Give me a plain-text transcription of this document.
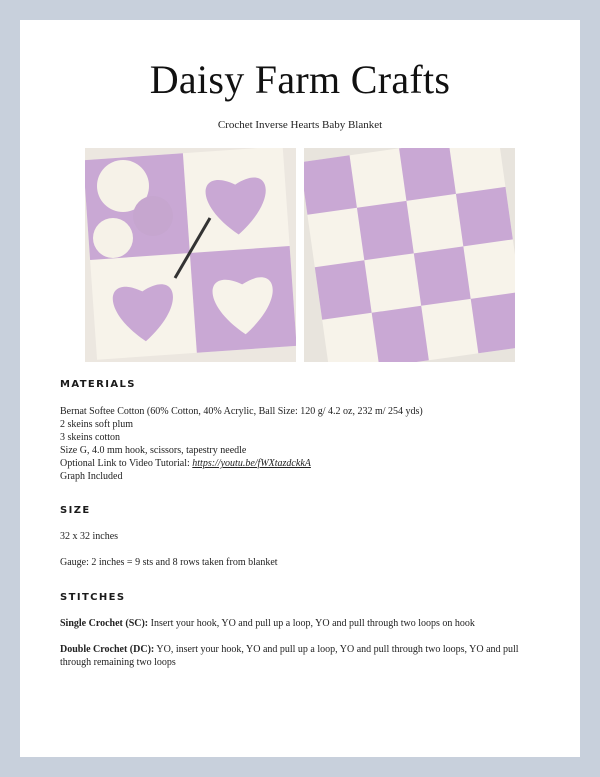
Daisy Farm Crafts
Crochet Inverse Hearts Baby Blanket
MATERIALS
Bernat Softee Cotton (60% Cotton, 40% Acrylic, Ball Size: 120 g/ 4.2 oz, 232 m/ 254 yds)
2 skeins soft plum
3 skeins cotton
Size G, 4.0 mm hook, scissors, tapestry needle
Optional Link to Video Tutorial: https://youtu.be/fWXtazdckkA
Graph Included
SIZE
32 x 32 inches
Gauge: 2 inches = 9 sts and 8 rows taken from blanket
STITCHES
Single Crochet (SC): Insert your hook, YO and pull up a loop, YO and pull through two loops on hook
Double Crochet (DC): YO, insert your hook, YO and pull up a loop, YO and pull through two loops, YO and pull through remaining two loops
